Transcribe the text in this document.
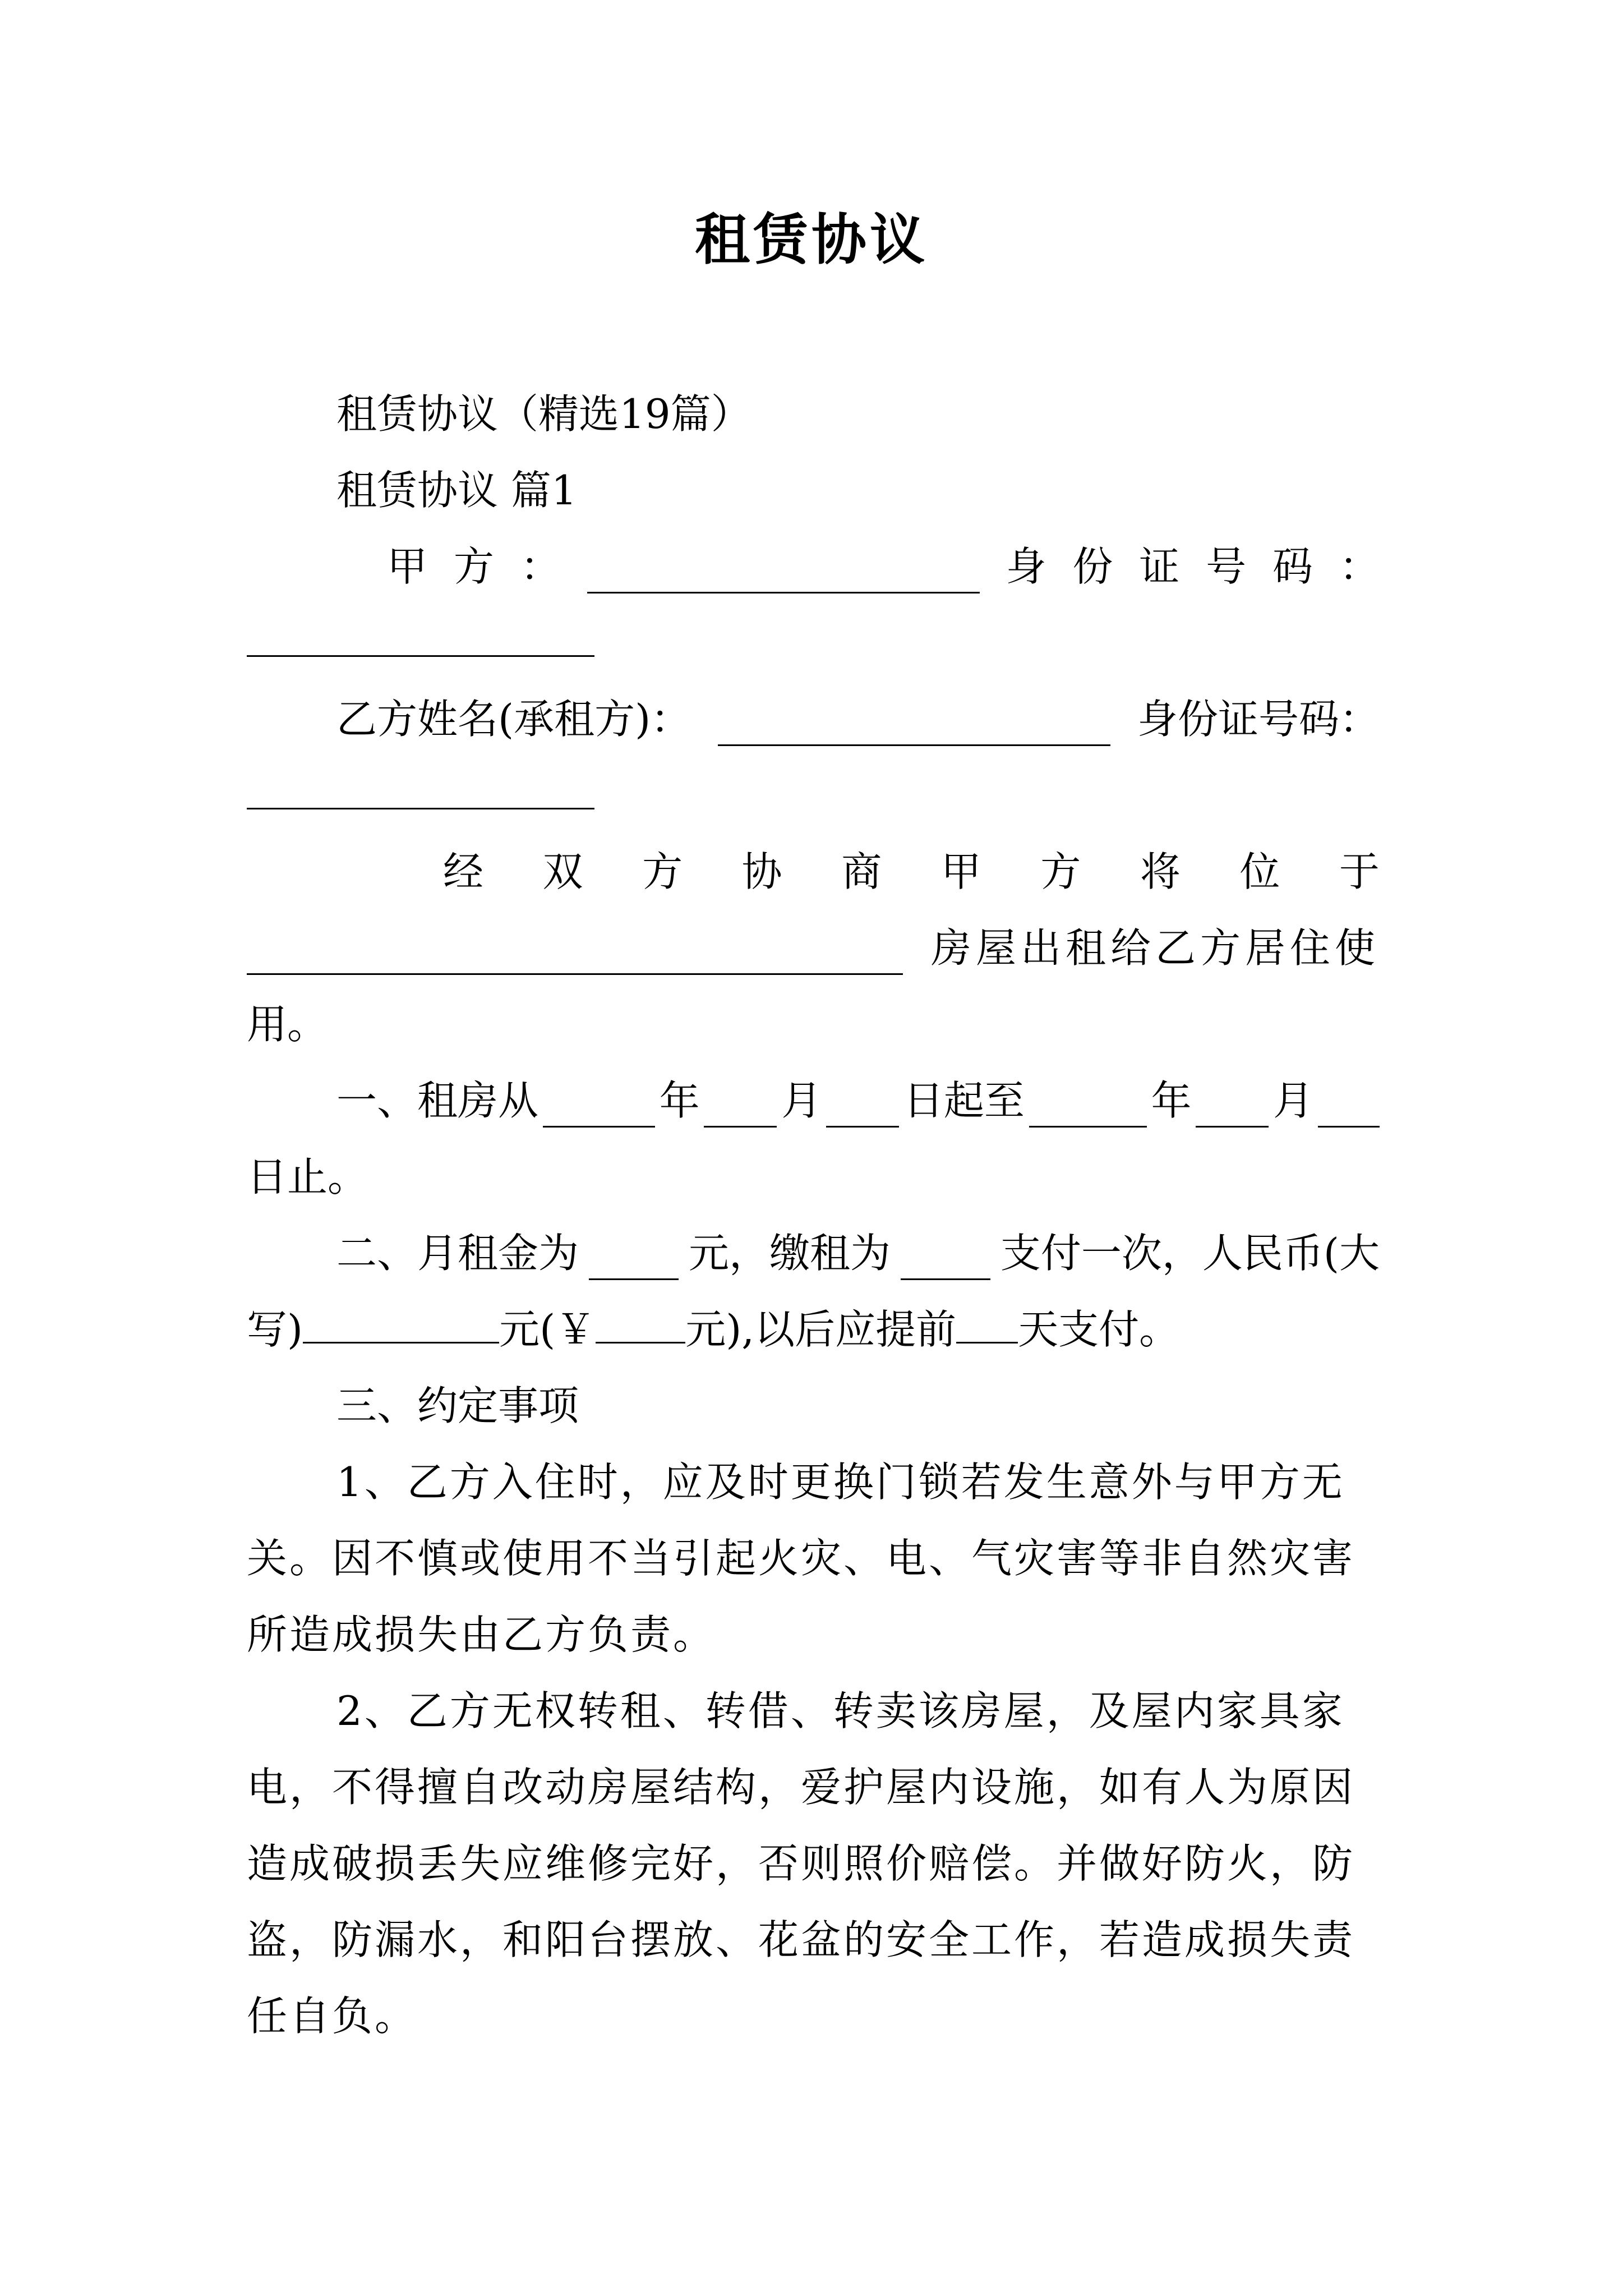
租赁协议
租赁协议（精选19篇）
租赁协议 篇1
甲 方 ：	身 份 证 号 码 ：
乙方姓名(承租方)：	身份证号码：
经 双 方 协 商 甲 方 将 位 于
房屋出租给乙方居住使
用。
一、租房从	年 月 日起至	年 月
日止。
二、月租金为	元，缴租为	支付一次，人民币(大
写)	元(￥ 元),以后应提前 天支付。
三、约定事项
1、乙方入住时，应及时更换门锁若发生意外与甲方无
关。因不慎或使用不当引起火灾、电、气灾害等非自然灾害
所造成损失由乙方负责。
2、乙方无权转租、转借、转卖该房屋，及屋内家具家
电，不得擅自改动房屋结构，爱护屋内设施，如有人为原因
造成破损丢失应维修完好，否则照价赔偿。并做好防火，防
盗，防漏水，和阳台摆放、花盆的安全工作，若造成损失责
任自负。
